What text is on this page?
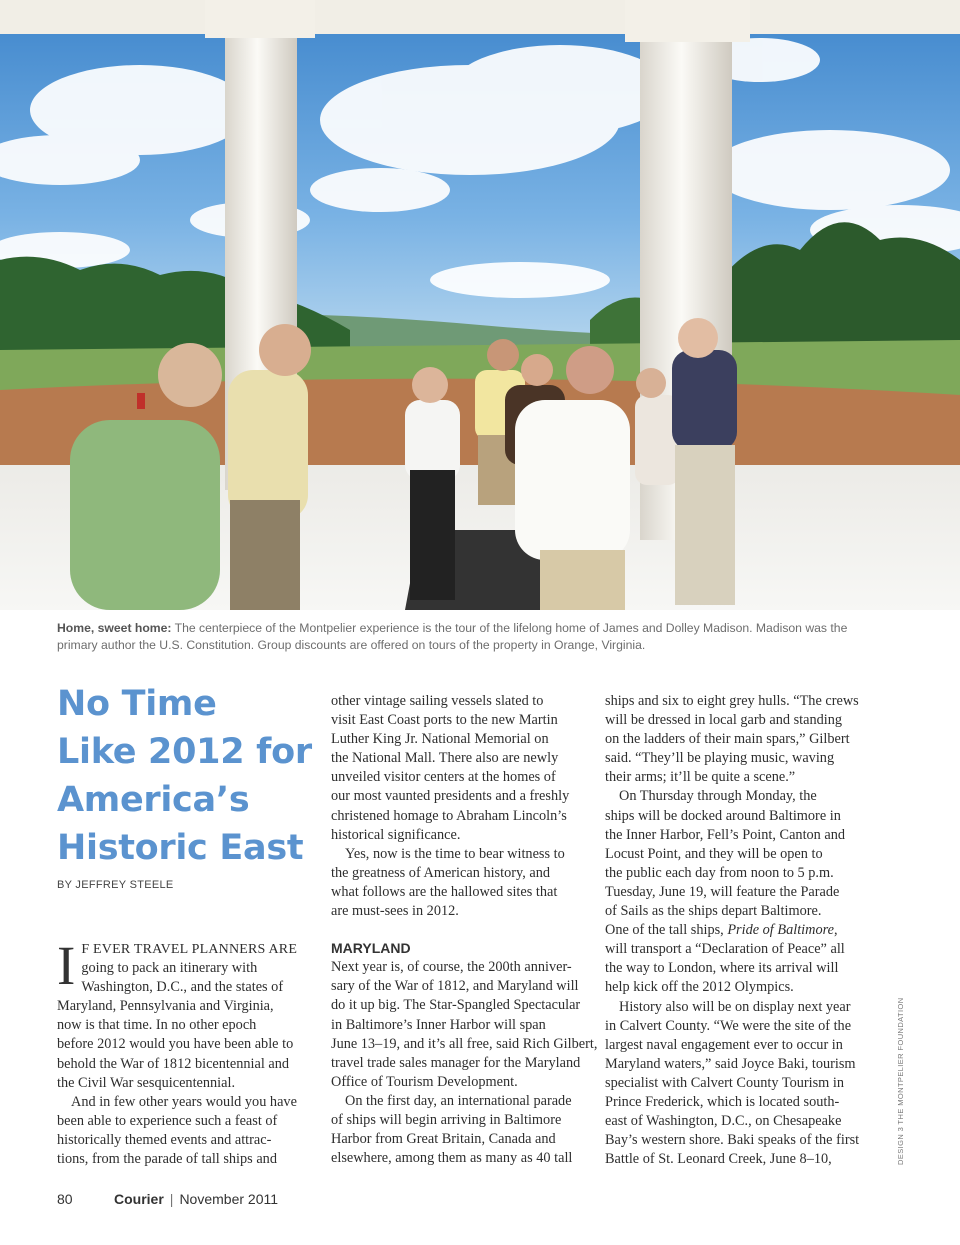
Home, sweet home: The centerpiece of the Montpelier experience is the tour of the lifelong home of James and Dolley Madison. Madison was the primary author the U.S. Constitution. Group discounts are offered on tours of the property in Orange, Virginia.
No Time
Like 2012 for
America’s
Historic East
BY JEFFREY STEELE
I F EVER TRAVEL PLANNERS ARE
going to pack an itinerary with
Washington, D.C., and the states of
Maryland, Pennsylvania and Virginia,
now is that time. In no other epoch
before 2012 would you have been able to
behold the War of 1812 bicentennial and
the Civil War sesquicentennial.
And in few other years would you have
been able to experience such a feast of
historically themed events and attrac-
tions, from the parade of tall ships and
other vintage sailing vessels slated to
visit East Coast ports to the new Martin
Luther King Jr. National Memorial on
the National Mall. There also are newly
unveiled visitor centers at the homes of
our most vaunted presidents and a freshly
christened homage to Abraham Lincoln’s
historical significance.
Yes, now is the time to bear witness to
the greatness of American history, and
what follows are the hallowed sites that
are must-sees in 2012.
MARYLAND
Next year is, of course, the 200th anniver-
sary of the War of 1812, and Maryland will
do it up big. The Star-Spangled Spectacular
in Baltimore’s Inner Harbor will span
June 13–19, and it’s all free, said Rich Gilbert,
travel trade sales manager for the Maryland
Office of Tourism Development.
On the first day, an international parade
of ships will begin arriving in Baltimore
Harbor from Great Britain, Canada and
elsewhere, among them as many as 40 tall
ships and six to eight grey hulls. “The crews
will be dressed in local garb and standing
on the ladders of their main spars,” Gilbert
said. “They’ll be playing music, waving
their arms; it’ll be quite a scene.”
On Thursday through Monday, the
ships will be docked around Baltimore in
the Inner Harbor, Fell’s Point, Canton and
Locust Point, and they will be open to
the public each day from noon to 5 p.m.
Tuesday, June 19, will feature the Parade
of Sails as the ships depart Baltimore.
One of the tall ships, Pride of Baltimore,
will transport a “Declaration of Peace” all
the way to London, where its arrival will
help kick off the 2012 Olympics.
History also will be on display next year
in Calvert County. “We were the site of the
largest naval engagement ever to occur in
Maryland waters,” said Joyce Baki, tourism
specialist with Calvert County Tourism in
Prince Frederick, which is located south-
east of Washington, D.C., on Chesapeake
Bay’s western shore. Baki speaks of the first
Battle of St. Leonard Creek, June 8–10,	DESIGN 3 THE MONTPELIER FOUNDATION
80	Courier | November 2011
